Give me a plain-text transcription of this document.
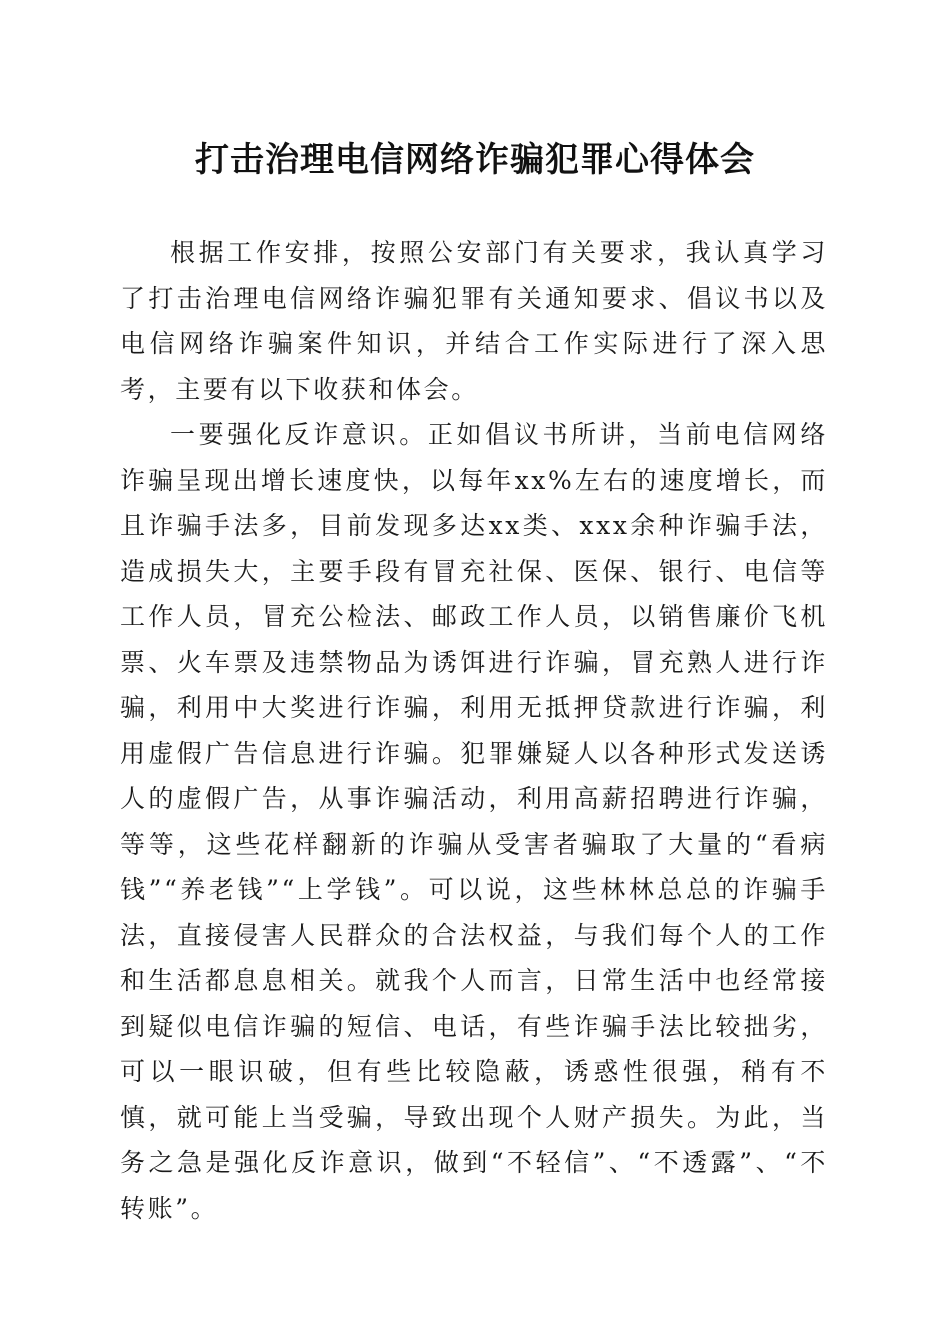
打击治理电信网络诈骗犯罪心得体会

根据工作安排，按照公安部门有关要求，我认真学习了打击治理电信网络诈骗犯罪有关通知要求、倡议书以及电信网络诈骗案件知识，并结合工作实际进行了深入思考，主要有以下收获和体会。

一要强化反诈意识。正如倡议书所讲，当前电信网络诈骗呈现出增长速度快，以每年xx%左右的速度增长，而且诈骗手法多，目前发现多达xx类、xxx余种诈骗手法，造成损失大，主要手段有冒充社保、医保、银行、电信等工作人员，冒充公检法、邮政工作人员，以销售廉价飞机票、火车票及违禁物品为诱饵进行诈骗，冒充熟人进行诈骗，利用中大奖进行诈骗，利用无抵押贷款进行诈骗，利用虚假广告信息进行诈骗。犯罪嫌疑人以各种形式发送诱人的虚假广告，从事诈骗活动，利用高薪招聘进行诈骗，等等，这些花样翻新的诈骗从受害者骗取了大量的“看病钱”“养老钱”“上学钱”。可以说，这些林林总总的诈骗手法，直接侵害人民群众的合法权益，与我们每个人的工作和生活都息息相关。就我个人而言，日常生活中也经常接到疑似电信诈骗的短信、电话，有些诈骗手法比较拙劣，可以一眼识破，但有些比较隐蔽，诱惑性很强，稍有不慎，就可能上当受骗，导致出现个人财产损失。为此，当务之急是强化反诈意识，做到“不轻信”、“不透露”、“不转账”。
